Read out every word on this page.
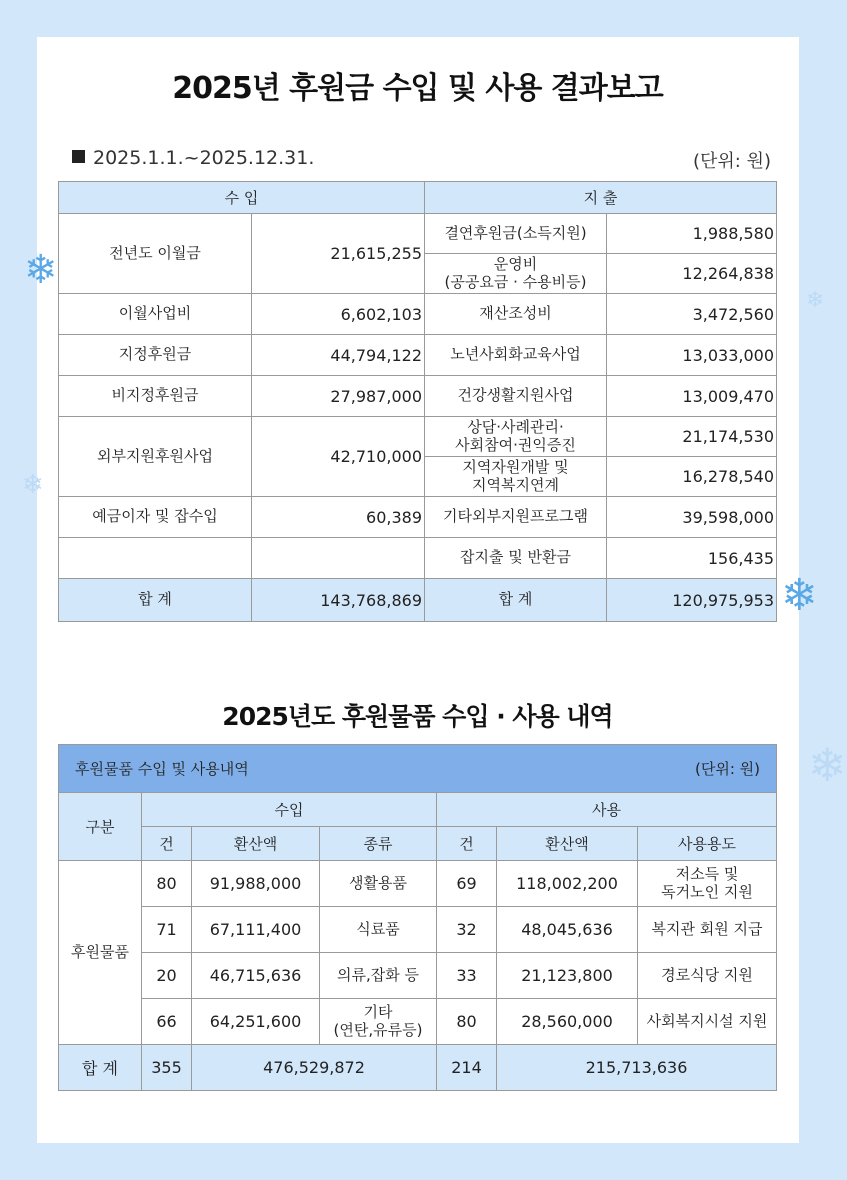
❄
❄
❄
❄
❄
2025년 후원금 수입 및 사용 결과보고
2025.1.1.~2025.12.31.	(단위: 원)
수 입		지 출	
전년도 이월금	21,615,255	결연후원금(소득지원)	1,988,580
		운영비
(공공요금 · 수용비등)	12,264,838
이월사업비	6,602,103	재산조성비	3,472,560
지정후원금	44,794,122	노년사회화교육사업	13,033,000
비지정후원금	27,987,000	건강생활지원사업	13,009,470
외부지원후원사업	42,710,000	상담·사례관리·
사회참여·권익증진	21,174,530
		지역자원개발 및
지역복지연계	16,278,540
예금이자 및 잡수입	60,389	기타외부지원프로그램	39,598,000
		잡지출 및 반환금	156,435
합 계	143,768,869	합 계	120,975,953
2025년도 후원물품 수입 · 사용 내역
후원물품 수입 및 사용내역 (단위: 원)						

구분	수입			사용		
	건	환산액	종류	건	환산액	사용용도
후원물품	80	91,988,000	생활용품	69	118,002,200	저소득 및
독거노인 지원
	71	67,111,400	식료품	32	48,045,636	복지관 회원 지급
	20	46,715,636	의류,잡화 등	33	21,123,800	경로식당 지원
	66	64,251,600	기타
(연탄,유류등)	80	28,560,000	사회복지시설 지원
합 계	355	476,529,872		214	215,713,636	
